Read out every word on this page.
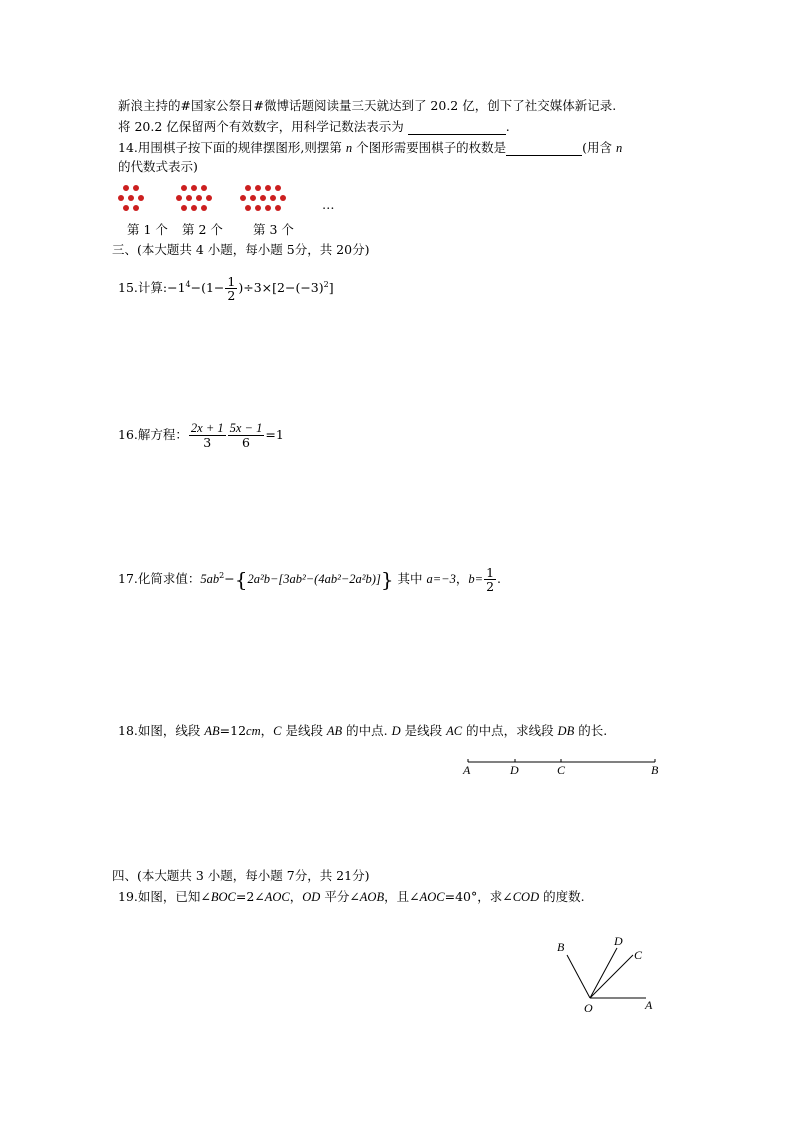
新浪主持的#国家公祭日#微博话题阅读量三天就达到了 20.2 亿，创下了社交媒体新记录.
将 20.2 亿保留两个有效数字，用科学记数法表示为	.
14.用围棋子按下面的规律摆图形,则摆第 n 个图形需要围棋子的枚数是	(用含 n
的代数式表示)
…
第 1 个 第 2 个 第 3 个
三、(本大题共 4 小题，每小题 5分，共 20分)
15.计算$:-1^4-(1- \frac{1}{2} )\div 3\times[2-(-3)^2]$
16.解方程： $\frac{2x + 1}{3} \frac{5x - 1}{6} =1$
17.化简求值：$5ab^2-\{2a^2b-[3ab^2-(4ab^2-2a^2b)]\}$ 其中 a=−3，$b= \frac{1}{2}$ .
18.如图，线段 AB=12cm，C 是线段 AB 的中点. D 是线段 AC 的中点，求线段 DB 的长.
A	D	C	B
四、(本大题共 3 小题，每小题 7分，共 21分)
19.如图，已知∠BOC=2∠AOC，OD 平分∠AOB，且∠AOC=40°，求∠COD 的度数.
B	D
C
A
O
